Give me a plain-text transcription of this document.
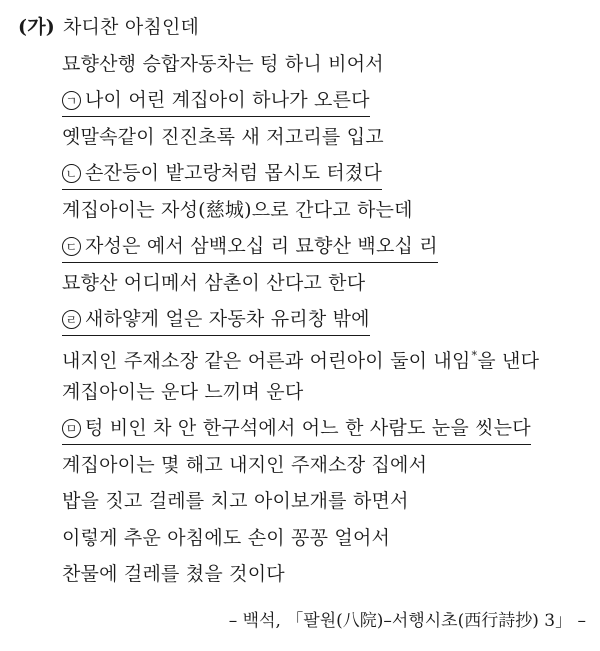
(가) 차디찬 아침인데
묘향산행 승합자동차는 텅 하니 비어서
ㄱ 나이 어린 계집아이 하나가 오른다
옛말속같이 진진초록 새 저고리를 입고
ㄴ 손잔등이 밭고랑처럼 몹시도 터졌다
계집아이는 자성(慈城)으로 간다고 하는데
ㄷ 자성은 예서 삼백오십 리 묘향산 백오십 리
묘향산 어디메서 삼촌이 산다고 한다
ㄹ 새하얗게 얼은 자동차 유리창 밖에
내지인 주재소장 같은 어른과 어린아이 둘이 내임*을 낸다
계집아이는 운다 느끼며 운다
ㅁ 텅 비인 차 안 한구석에서 어느 한 사람도 눈을 씻는다
계집아이는 몇 해고 내지인 주재소장 집에서
밥을 짓고 걸레를 치고 아이보개를 하면서
이렇게 추운 아침에도 손이 꽁꽁 얼어서
찬물에 걸레를 쳤을 것이다
– 백석, 「팔원(八院)–서행시초(西行詩抄) 3」 –
